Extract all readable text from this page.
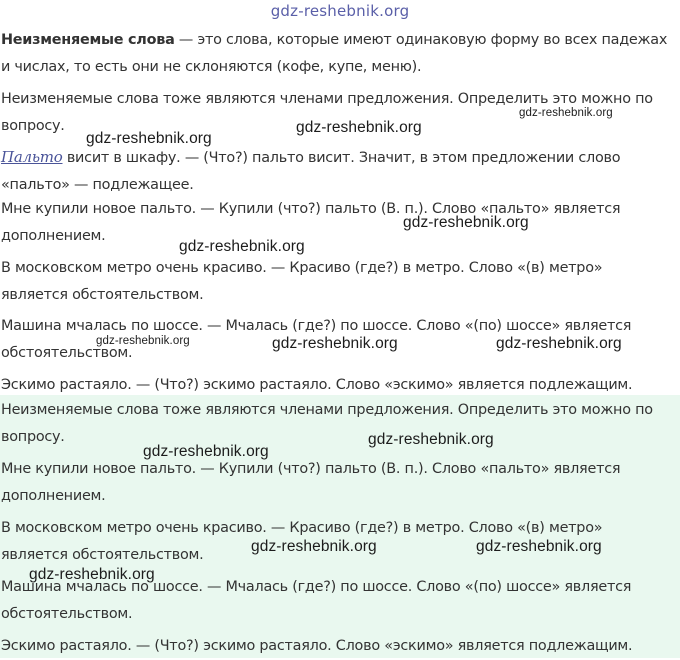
gdz-reshebnik.org
Неизменяемые слова — это слова, которые имеют одинаковую форму во всех падежах
и числах, то есть они не склоняются (кофе, купе, меню).
Неизменяемые слова тоже являются членами предложения. Определить это можно по
вопросу.
Пальто висит в шкафу. — (Что?) пальто висит. Значит, в этом предложении слово
«пальто» — подлежащее.
Мне купили новое пальто. — Купили (что?) пальто (В. п.). Слово «пальто» является
дополнением.
В московском метро очень красиво. — Красиво (где?) в метро. Слово «(в) метро»
является обстоятельством.
Машина мчалась по шоссе. — Мчалась (где?) по шоссе. Слово «(по) шоссе» является
обстоятельством.
Эскимо растаяло. — (Что?) эскимо растаяло. Слово «эскимо» является подлежащим.
Неизменяемые слова тоже являются членами предложения. Определить это можно по
вопросу.
Мне купили новое пальто. — Купили (что?) пальто (В. п.). Слово «пальто» является
дополнением.
В московском метро очень красиво. — Красиво (где?) в метро. Слово «(в) метро»
является обстоятельством.
Машина мчалась по шоссе. — Мчалась (где?) по шоссе. Слово «(по) шоссе» является
обстоятельством.
Эскимо растаяло. — (Что?) эскимо растаяло. Слово «эскимо» является подлежащим.
gdz-reshebnik.org
gdz-reshebnik.org
gdz-reshebnik.org
gdz-reshebnik.org
gdz-reshebnik.org
gdz-reshebnik.org	gdz-reshebnik.org	gdz-reshebnik.org
gdz-reshebnik.org
gdz-reshebnik.org
gdz-reshebnik.org	gdz-reshebnik.org
gdz-reshebnik.org
